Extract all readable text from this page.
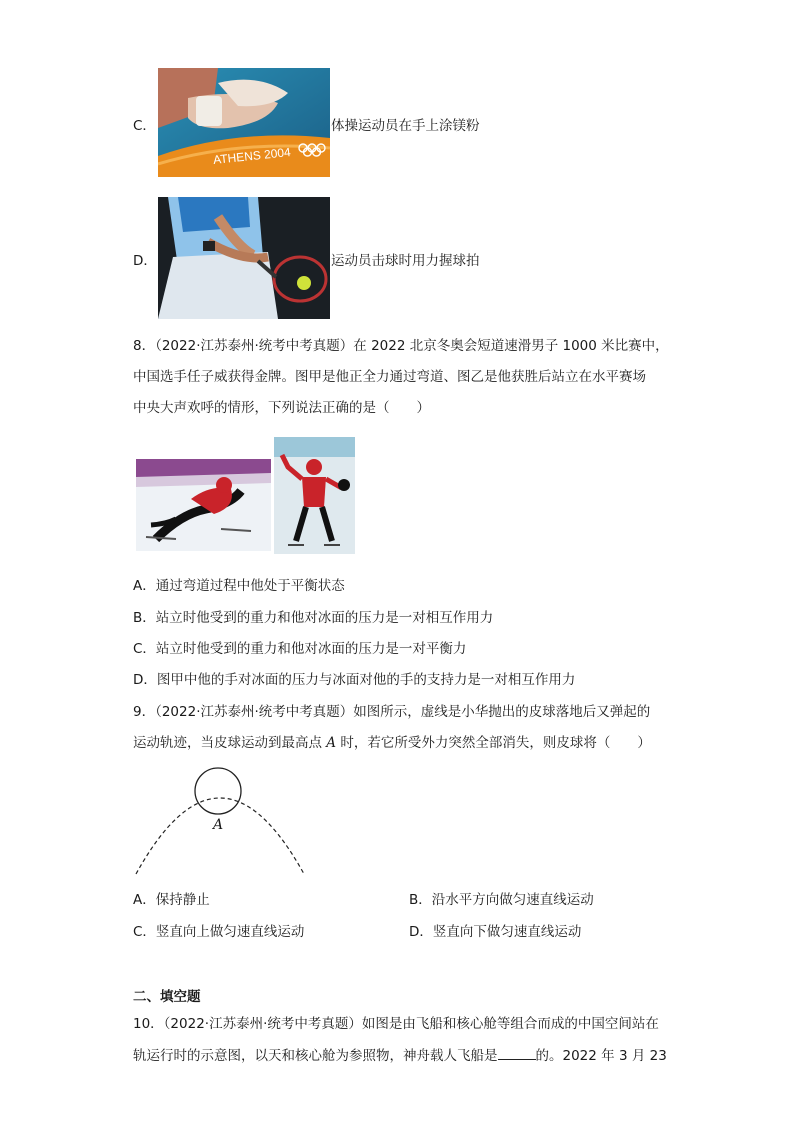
C．
ATHENS 2004
体操运动员在手上涂镁粉
D．	运动员击球时用力握球拍
8．（2022·江苏泰州·统考中考真题）在 2022 北京冬奥会短道速滑男子 1000 米比赛中，
中国选手任子威获得金牌。图甲是他正全力通过弯道、图乙是他获胜后站立在水平赛场
中央大声欢呼的情形，下列说法正确的是（　　）
A．通过弯道过程中他处于平衡状态
B．站立时他受到的重力和他对冰面的压力是一对相互作用力
C．站立时他受到的重力和他对冰面的压力是一对平衡力
D．图甲中他的手对冰面的压力与冰面对他的手的支持力是一对相互作用力
9．（2022·江苏泰州·统考中考真题）如图所示，虚线是小华抛出的皮球落地后又弹起的
运动轨迹，当皮球运动到最高点 A 时，若它所受外力突然全部消失，则皮球将（　　）
A
A．保持静止	B．沿水平方向做匀速直线运动
C．竖直向上做匀速直线运动	D．竖直向下做匀速直线运动
二、填空题
10．（2022·江苏泰州·统考中考真题）如图是由飞船和核心舱等组合而成的中国空间站在
轨运行时的示意图，以天和核心舱为参照物，神舟载人飞船是	的。2022 年 3 月 23
